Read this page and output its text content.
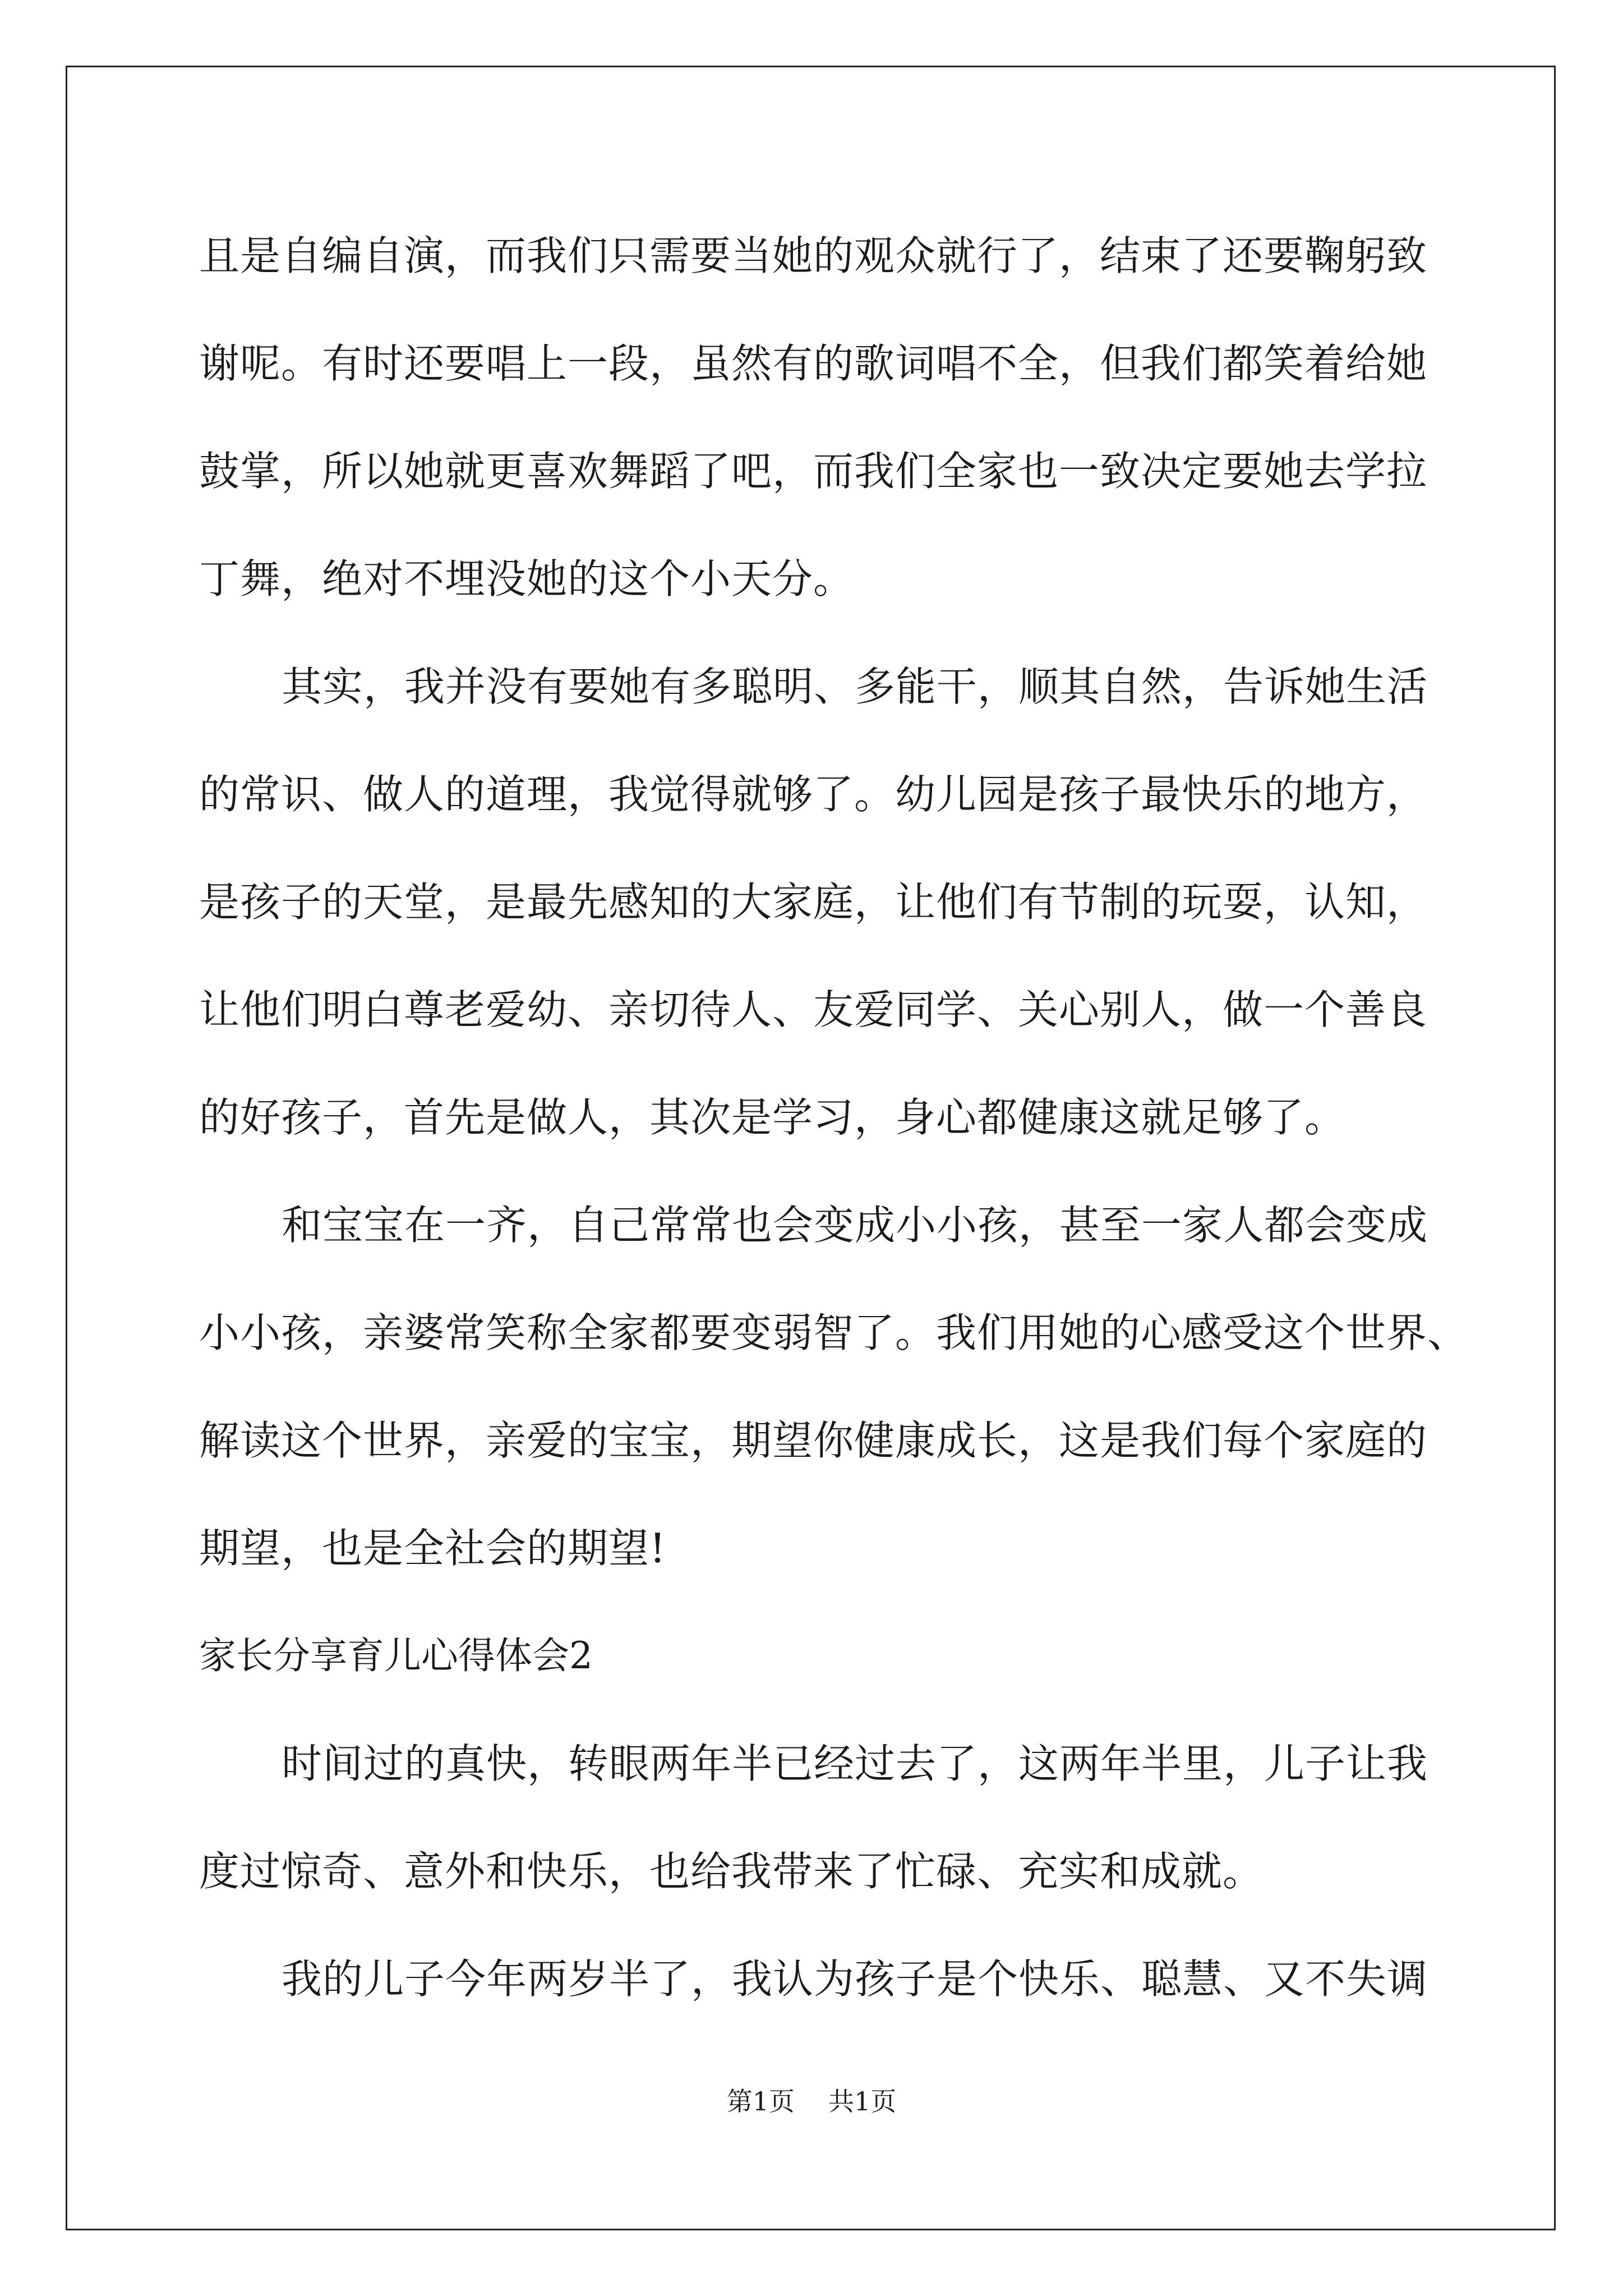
且是自编自演，而我们只需要当她的观众就行了，结束了还要鞠躬致
谢呢。有时还要唱上一段，虽然有的歌词唱不全，但我们都笑着给她
鼓掌，所以她就更喜欢舞蹈了吧，而我们全家也一致决定要她去学拉
丁舞，绝对不埋没她的这个小天分。
其实，我并没有要她有多聪明、多能干，顺其自然，告诉她生活
的常识、做人的道理，我觉得就够了。幼儿园是孩子最快乐的地方，
是孩子的天堂，是最先感知的大家庭，让他们有节制的玩耍，认知，
让他们明白尊老爱幼、亲切待人、友爱同学、关心别人，做一个善良
的好孩子，首先是做人，其次是学习，身心都健康这就足够了。
和宝宝在一齐，自己常常也会变成小小孩，甚至一家人都会变成
小小孩，亲婆常笑称全家都要变弱智了。我们用她的心感受这个世界、
解读这个世界，亲爱的宝宝，期望你健康成长，这是我们每个家庭的
期望，也是全社会的期望!
家长分享育儿心得体会2
时间过的真快，转眼两年半已经过去了，这两年半里，儿子让我
度过惊奇、意外和快乐，也给我带来了忙碌、充实和成就。
我的儿子今年两岁半了，我认为孩子是个快乐、聪慧、又不失调
第1页 共1页
